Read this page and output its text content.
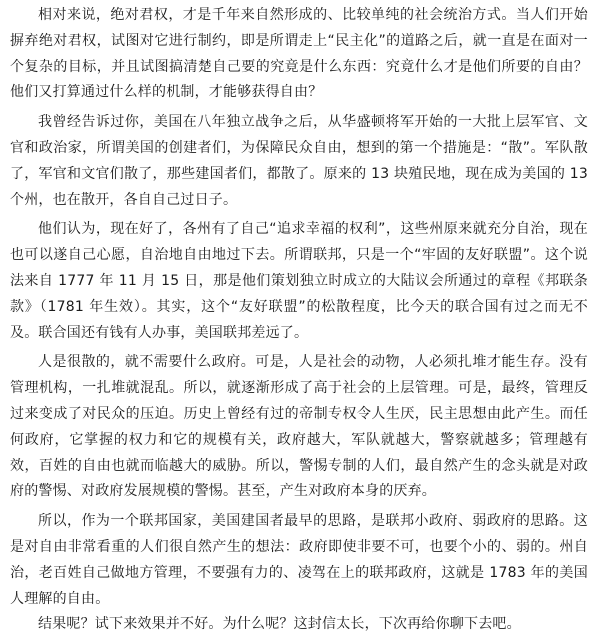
相对来说，绝对君权，才是千年来自然形成的、比较单纯的社会统治方式。当人们开始摒弃绝对君权，试图对它进行制约，即是所谓走上“民主化”的道路之后，就一直是在面对一个复杂的目标，并且试图搞清楚自己要的究竟是什么东西：究竟什么才是他们所要的自由？他们又打算通过什么样的机制，才能够获得自由？

我曾经告诉过你，美国在八年独立战争之后，从华盛顿将军开始的一大批上层军官、文官和政治家，所谓美国的创建者们，为保障民众自由，想到的第一个措施是：“散”。军队散了，军官和文官们散了，那些建国者们，都散了。原来的 13 块殖民地，现在成为美国的 13 个州，也在散开，各自自己过日子。

他们认为，现在好了，各州有了自己“追求幸福的权利”，这些州原来就充分自治，现在也可以遂自己心愿，自治地自由地过下去。所谓联邦，只是一个“牢固的友好联盟”。这个说法来自 1777 年 11 月 15 日，那是他们策划独立时成立的大陆议会所通过的章程《邦联条款》（1781 年生效）。其实，这个“友好联盟”的松散程度，比今天的联合国有过之而无不及。联合国还有钱有人办事，美国联邦差远了。

人是很散的，就不需要什么政府。可是，人是社会的动物，人必须扎堆才能生存。没有管理机构，一扎堆就混乱。所以，就逐渐形成了高于社会的上层管理。可是，最终，管理反过来变成了对民众的压迫。历史上曾经有过的帝制专权令人生厌，民主思想由此产生。而任何政府，它掌握的权力和它的规模有关，政府越大，军队就越大，警察就越多；管理越有效，百姓的自由也就而临越大的威胁。所以，警惕专制的人们，最自然产生的念头就是对政府的警惕、对政府发展规模的警惕。甚至，产生对政府本身的厌弃。

所以，作为一个联邦国家，美国建国者最早的思路，是联邦小政府、弱政府的思路。这是对自由非常看重的人们很自然产生的想法：政府即使非要不可，也要个小的、弱的。州自治，老百姓自己做地方管理，不要强有力的、凌驾在上的联邦政府，这就是 1783 年的美国人理解的自由。

结果呢？试下来效果并不好。为什么呢？这封信太长，下次再给你聊下去吧。
